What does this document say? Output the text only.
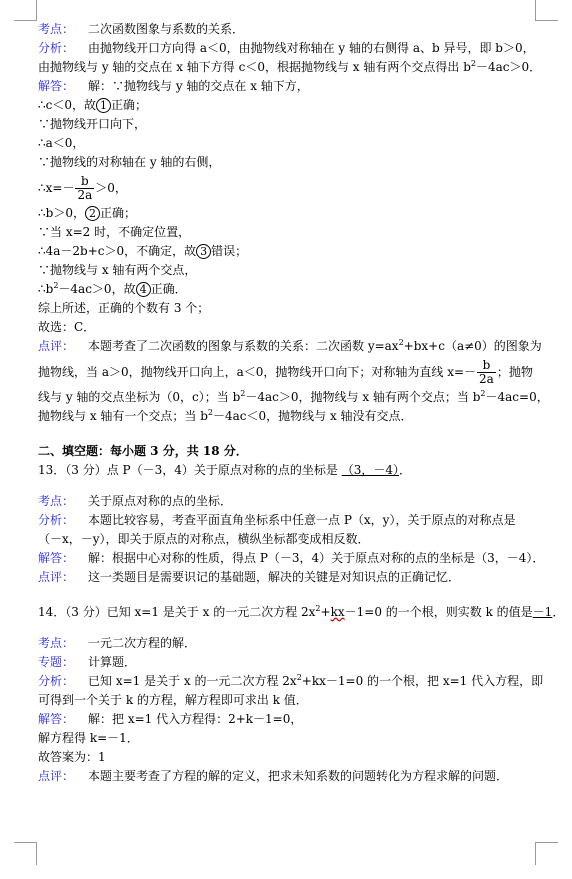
考点： 二次函数图象与系数的关系．
分析： 由抛物线开口方向得 a＜0，由抛物线对称轴在 y 轴的右侧得 a、b 异号，即 b＞0，
由抛物线与 y 轴的交点在 x 轴下方得 c＜0，根据抛物线与 x 轴有两个交点得出 $b^2-4ac>0$．
解答： 解：∵抛物线与 y 轴的交点在 x 轴下方，
∴c＜0，故 1 正确；
∵抛物线开口向下，
∴a＜0，
∵抛物线的对称轴在 y 轴的右侧，
∴x=－ $\frac{b}{2a} >0$，
∴b＞0， 2 正确；
∵当 x=2 时，不确定位置，
∴4a－2b+c＞0，不确定，故 3 错误；
∵抛物线与 x 轴有两个交点，
$\therefore b^2-4ac>0$，故 4 正确．
综上所述，正确的个数有 3 个；
故选：C．
点评： 本题考查了二次函数的图象与系数的关系：二次函数 $y=ax^2+bx+c(a\ne 0)$的图象为
抛物线，当 a＞0，抛物线开口向上，a＜0，抛物线开口向下；对称轴为直线 $x=- \frac{b}{2a}$ ；抛物
线与 y 轴的交点坐标为（0，c）；当 $b^2-4ac>0$，抛物线与 x 轴有两个交点；当 $b^2-4ac=0$，
抛物线与 x 轴有一个交点；当 $b^2-4ac<0$，抛物线与 x 轴没有交点．
二、填空题：每小题 3 分，共 18 分．
13．（3 分）点 P（－3，4）关于原点对称的点的坐标是 （3，－4）．
考点： 关于原点对称的点的坐标．
分析： 本题比较容易，考查平面直角坐标系中任意一点 P（x，y），关于原点的对称点是
（－x，－y），即关于原点的对称点，横纵坐标都变成相反数．
解答： 解：根据中心对称的性质，得点 P（－3，4）关于原点对称的点的坐标是（3，－4）．
点评： 这一类题目是需要识记的基础题，解决的关键是对知识点的正确记忆．
14．（3 分）已知 x=1 是关于 x 的一元二次方程 $2x^2+kx-1=0$ 的一个根，则实数 k 的值是－1．
考点： 一元二次方程的解．
专题： 计算题．
分析： 已知 x=1 是关于 x 的一元二次方程 $2x^2+kx-1=0$ 的一个根，把 x=1 代入方程，即
可得到一个关于 k 的方程，解方程即可求出 k 值．
解答： 解：把 x=1 代入方程得：2+k－1=0，
解方程得 k=－1．
故答案为：1
点评： 本题主要考查了方程的解的定义，把求未知系数的问题转化为方程求解的问题．
